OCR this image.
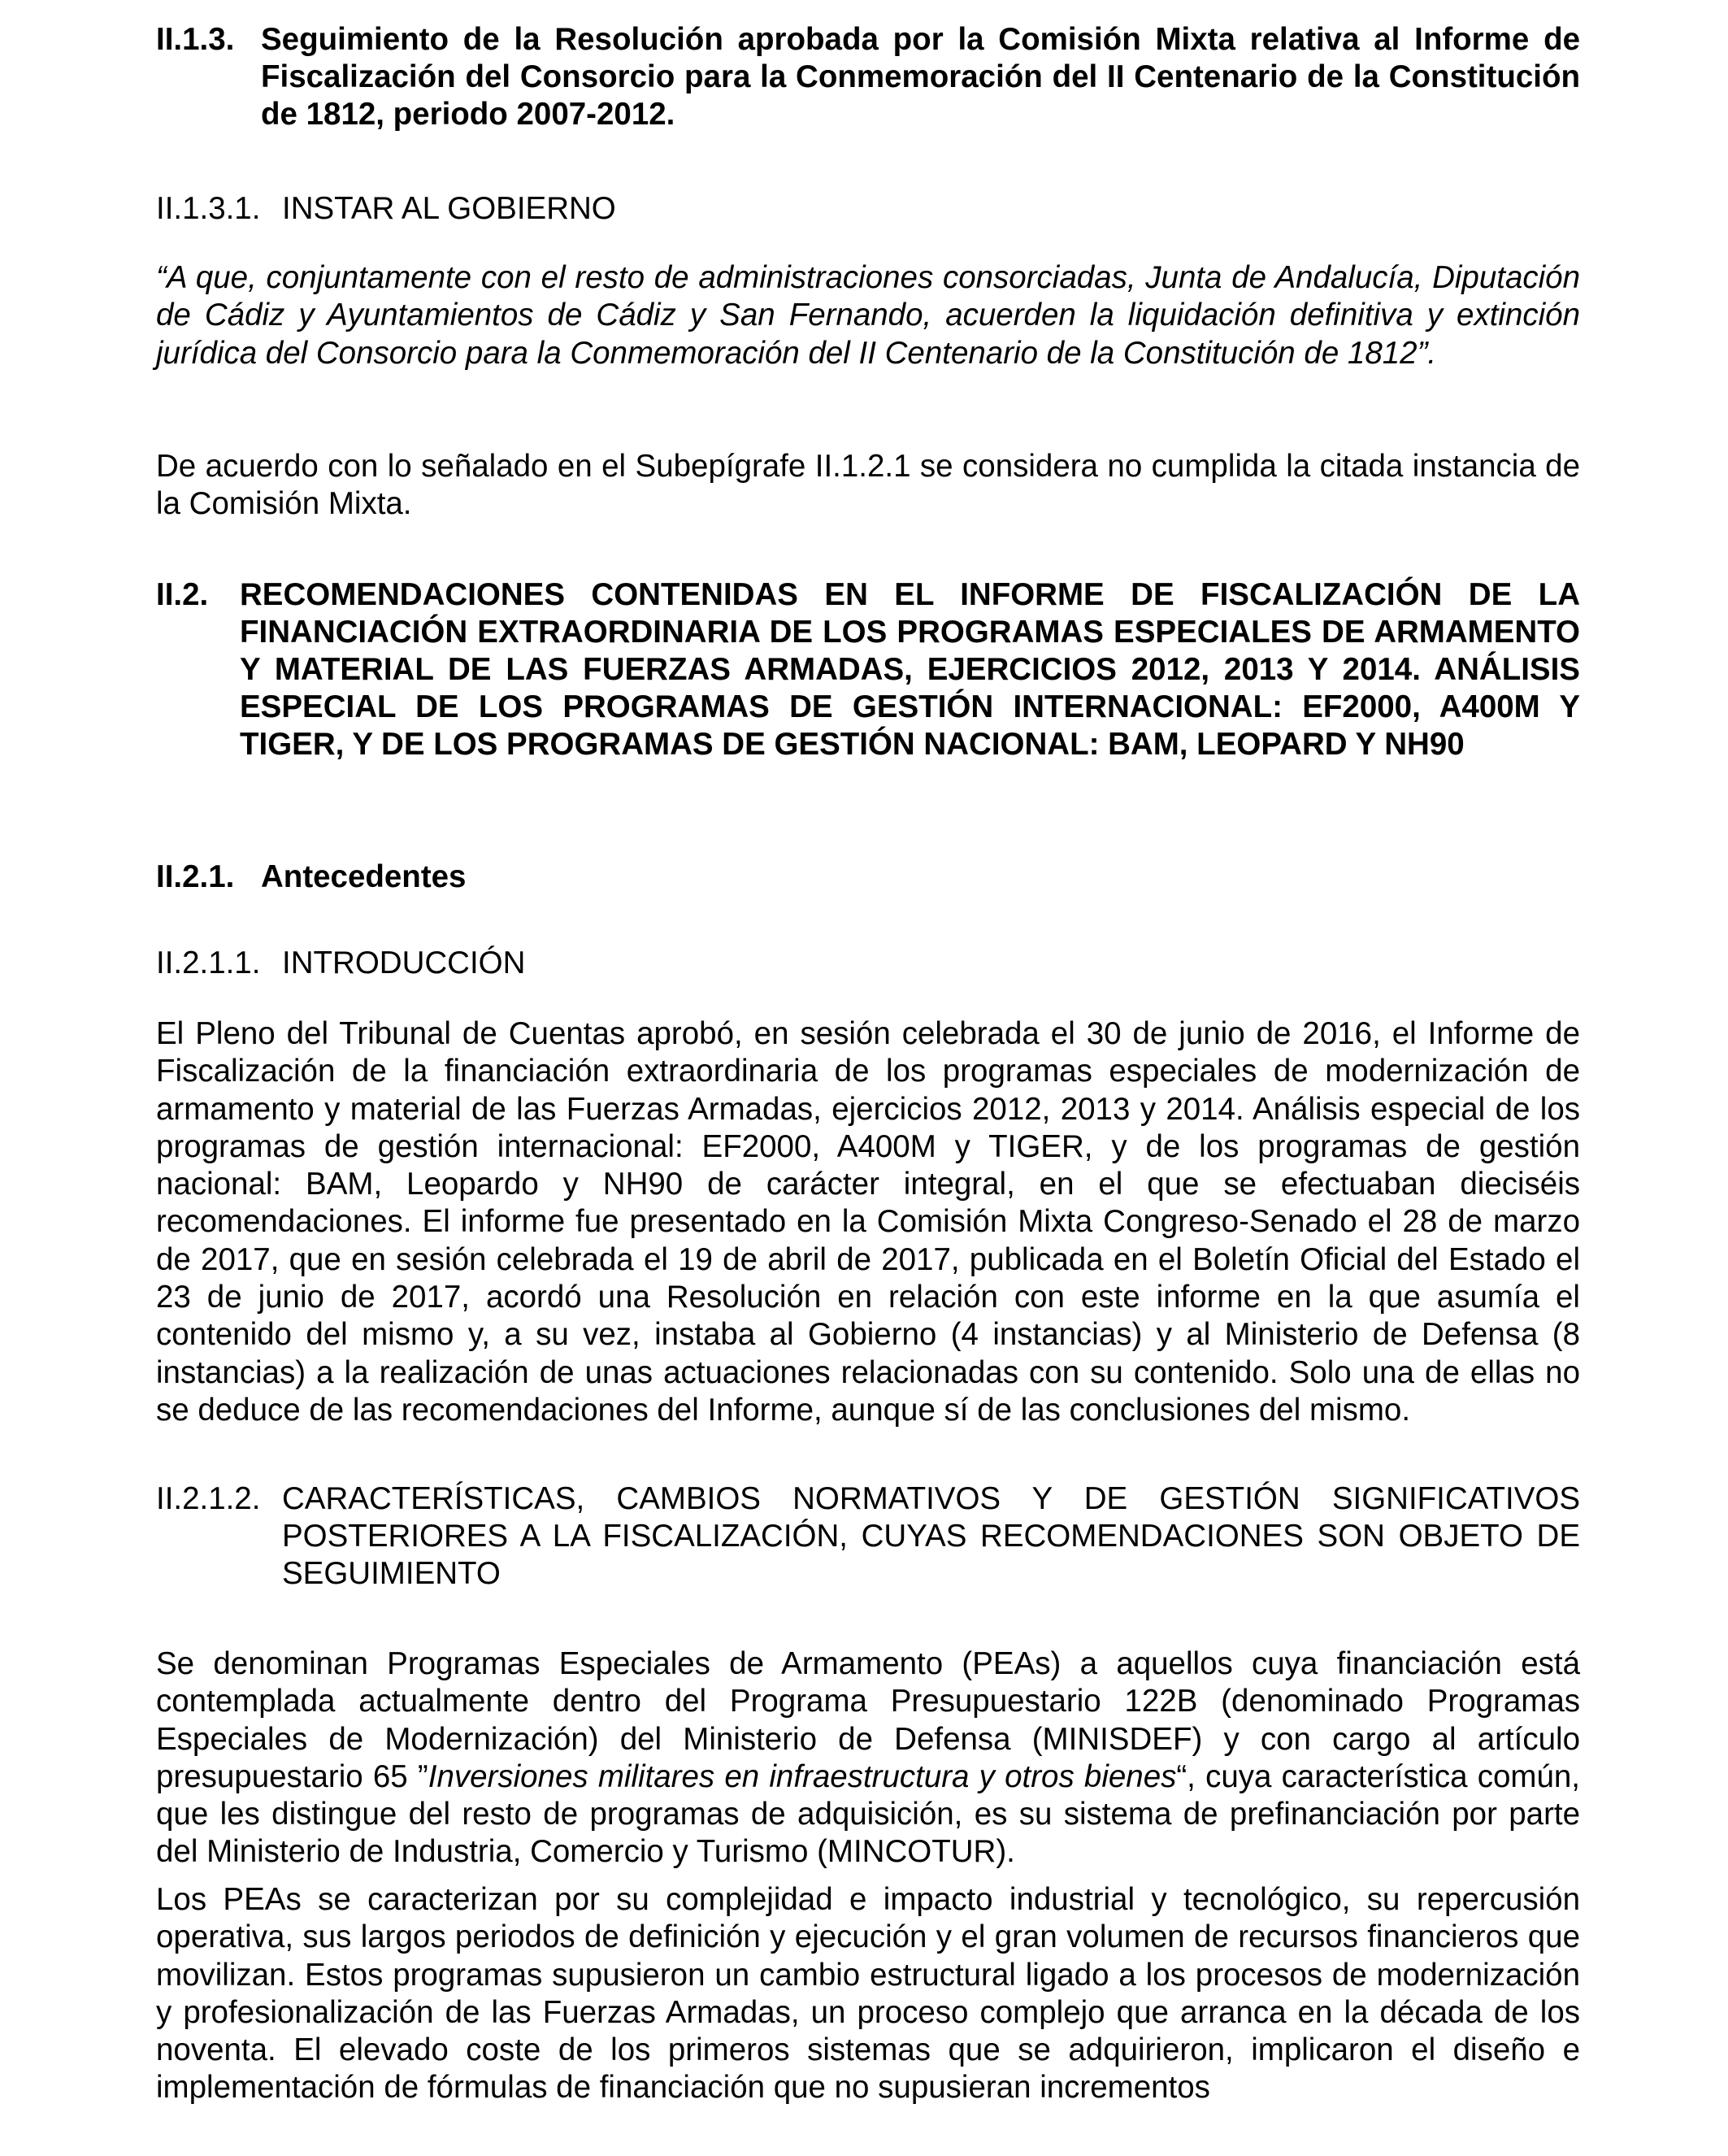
II.1.3. Seguimiento de la Resolución aprobada por la Comisión Mixta relativa al Informe de Fiscalización del Consorcio para la Conmemoración del II Centenario de la Constitución de 1812, periodo 2007-2012.
II.1.3.1. INSTAR AL GOBIERNO

“A que, conjuntamente con el resto de administraciones consorciadas, Junta de Andalucía, Diputación de Cádiz y Ayuntamientos de Cádiz y San Fernando, acuerden la liquidación definitiva y extinción jurídica del Consorcio para la Conmemoración del II Centenario de la Constitución de 1812”.

De acuerdo con lo señalado en el Subepígrafe II.1.2.1 se considera no cumplida la citada instancia de la Comisión Mixta.

II.2.	RECOMENDACIONES CONTENIDAS EN EL INFORME DE FISCALIZACIÓN DE LA FINANCIACIÓN EXTRAORDINARIA DE LOS PROGRAMAS ESPECIALES DE ARMAMENTO Y MATERIAL DE LAS FUERZAS ARMADAS, EJERCICIOS 2012, 2013 Y 2014. ANÁLISIS ESPECIAL DE LOS PROGRAMAS DE GESTIÓN INTERNACIONAL: EF2000, A400M Y TIGER, Y DE LOS PROGRAMAS DE GESTIÓN NACIONAL: BAM, LEOPARD Y NH90
II.2.1. Antecedentes
II.2.1.1. INTRODUCCIÓN

El Pleno del Tribunal de Cuentas aprobó, en sesión celebrada el 30 de junio de 2016, el Informe de Fiscalización de la financiación extraordinaria de los programas especiales de modernización de armamento y material de las Fuerzas Armadas, ejercicios 2012, 2013 y 2014. Análisis especial de los programas de gestión internacional: EF2000, A400M y TIGER, y de los programas de gestión nacional: BAM, Leopardo y NH90 de carácter integral, en el que se efectuaban dieciséis recomendaciones. El informe fue presentado en la Comisión Mixta Congreso-Senado el 28 de marzo de 2017, que en sesión celebrada el 19 de abril de 2017, publicada en el Boletín Oficial del Estado el 23 de junio de 2017, acordó una Resolución en relación con este informe en la que asumía el contenido del mismo y, a su vez, instaba al Gobierno (4 instancias) y al Ministerio de Defensa (8 instancias) a la realización de unas actuaciones relacionadas con su contenido. Solo una de ellas no se deduce de las recomendaciones del Informe, aunque sí de las conclusiones del mismo.

II.2.1.2. CARACTERÍSTICAS, CAMBIOS NORMATIVOS Y DE GESTIÓN SIGNIFICATIVOS POSTERIORES A LA FISCALIZACIÓN, CUYAS RECOMENDACIONES SON OBJETO DE SEGUIMIENTO

Se denominan Programas Especiales de Armamento (PEAs) a aquellos cuya financiación está contemplada actualmente dentro del Programa Presupuestario 122B (denominado Programas Especiales de Modernización) del Ministerio de Defensa (MINISDEF) y con cargo al artículo presupuestario 65 ”Inversiones militares en infraestructura y otros bienes“, cuya característica común, que les distingue del resto de programas de adquisición, es su sistema de prefinanciación por parte del Ministerio de Industria, Comercio y Turismo (MINCOTUR).

Los PEAs se caracterizan por su complejidad e impacto industrial y tecnológico, su repercusión operativa, sus largos periodos de definición y ejecución y el gran volumen de recursos financieros que movilizan. Estos programas supusieron un cambio estructural ligado a los procesos de modernización y profesionalización de las Fuerzas Armadas, un proceso complejo que arranca en la década de los noventa. El elevado coste de los primeros sistemas que se adquirieron, implicaron el diseño e implementación de fórmulas de financiación que no supusieran incrementos
